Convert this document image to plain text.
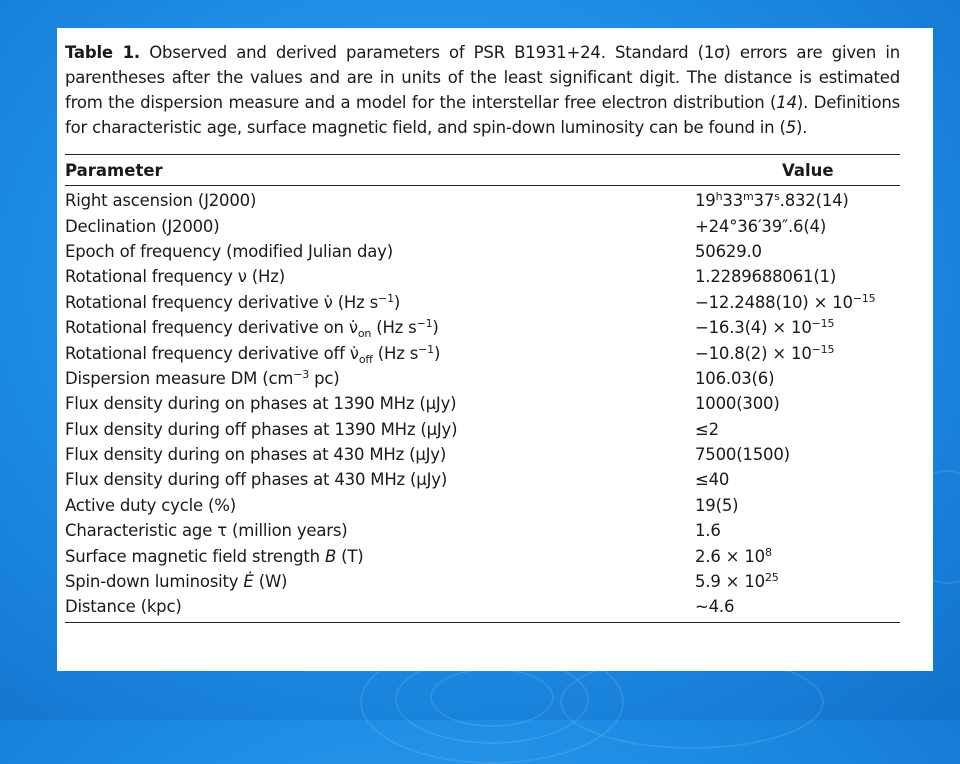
Table 1. Observed and derived parameters of PSR B1931+24. Standard (1σ) errors are given in parentheses after the values and are in units of the least significant digit. The distance is estimated from the dispersion measure and a model for the interstellar free electron distribution (14). Definitions for characteristic age, surface magnetic field, and spin-down luminosity can be found in (5).

Parameter	Value
Right ascension (J2000)	19$^h$33$^m$37$^s$.832(14)
Declination (J2000)	+24°36′39″.6(4)
Epoch of frequency (modified Julian day)	50629.0
Rotational frequency ν (Hz)	1.2289688061(1)
Rotational frequency derivative ν̇ (Hz $s^{-1}$)	$-12.2488(10) \times 10^{-15}$
Rotational frequency derivative on $\nu̇_{on}$ (Hz $s^{-1}$)	$-16.3(4) \times 10^{-15}$
Rotational frequency derivative off $\nu̇_{off}$ (Hz $s^{-1}$)	$-10.8(2) \times 10^{-15}$
Dispersion measure DM ($cm^{-3}$ pc)	106.03(6)
Flux density during on phases at 1390 MHz (μJy)	1000(300)
Flux density during off phases at 1390 MHz (μJy)	≤2
Flux density during on phases at 430 MHz (μJy)	7500(1500)
Flux density during off phases at 430 MHz (μJy)	≤40
Active duty cycle (%)	19(5)
Characteristic age τ (million years)	1.6
Surface magnetic field strength B (T)	$2.6 \times 10^8$
Spin-down luminosity Ė (W)	$5.9 \times 10^{25}$
Distance (kpc)	~4.6
